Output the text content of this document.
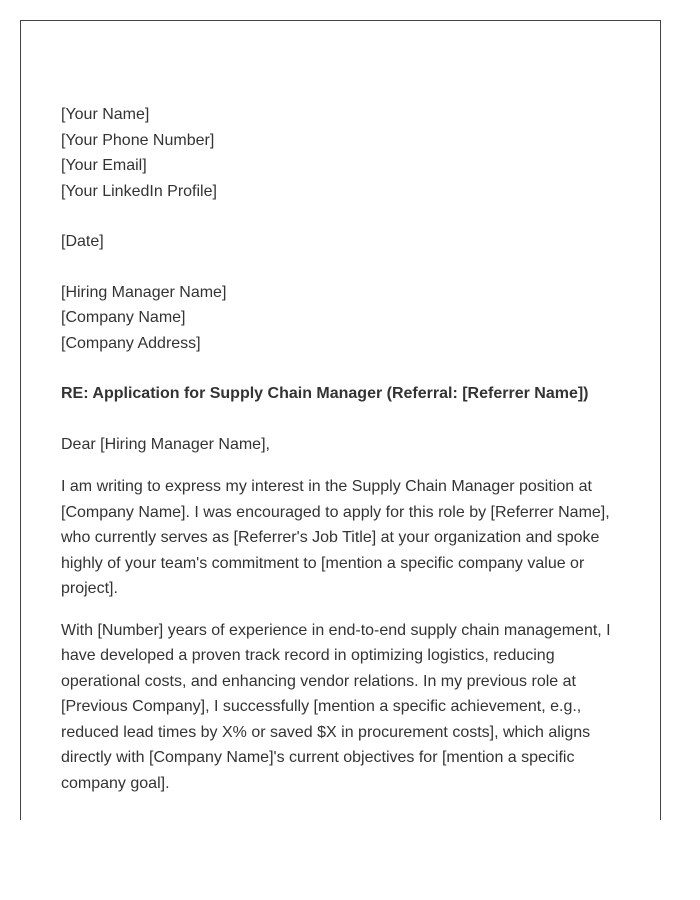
[Your Name]
[Your Phone Number]
[Your Email]
[Your LinkedIn Profile]
[Date]
[Hiring Manager Name]
[Company Name]
[Company Address]
RE: Application for Supply Chain Manager (Referral: [Referrer Name])
Dear [Hiring Manager Name],

I am writing to express my interest in the Supply Chain Manager position at
[Company Name]. I was encouraged to apply for this role by [Referrer Name],
who currently serves as [Referrer's Job Title] at your organization and spoke
highly of your team's commitment to [mention a specific company value or
project].

With [Number] years of experience in end-to-end supply chain management, I
have developed a proven track record in optimizing logistics, reducing
operational costs, and enhancing vendor relations. In my previous role at
[Previous Company], I successfully [mention a specific achievement, e.g.,
reduced lead times by X% or saved $X in procurement costs], which aligns
directly with [Company Name]'s current objectives for [mention a specific
company goal].
